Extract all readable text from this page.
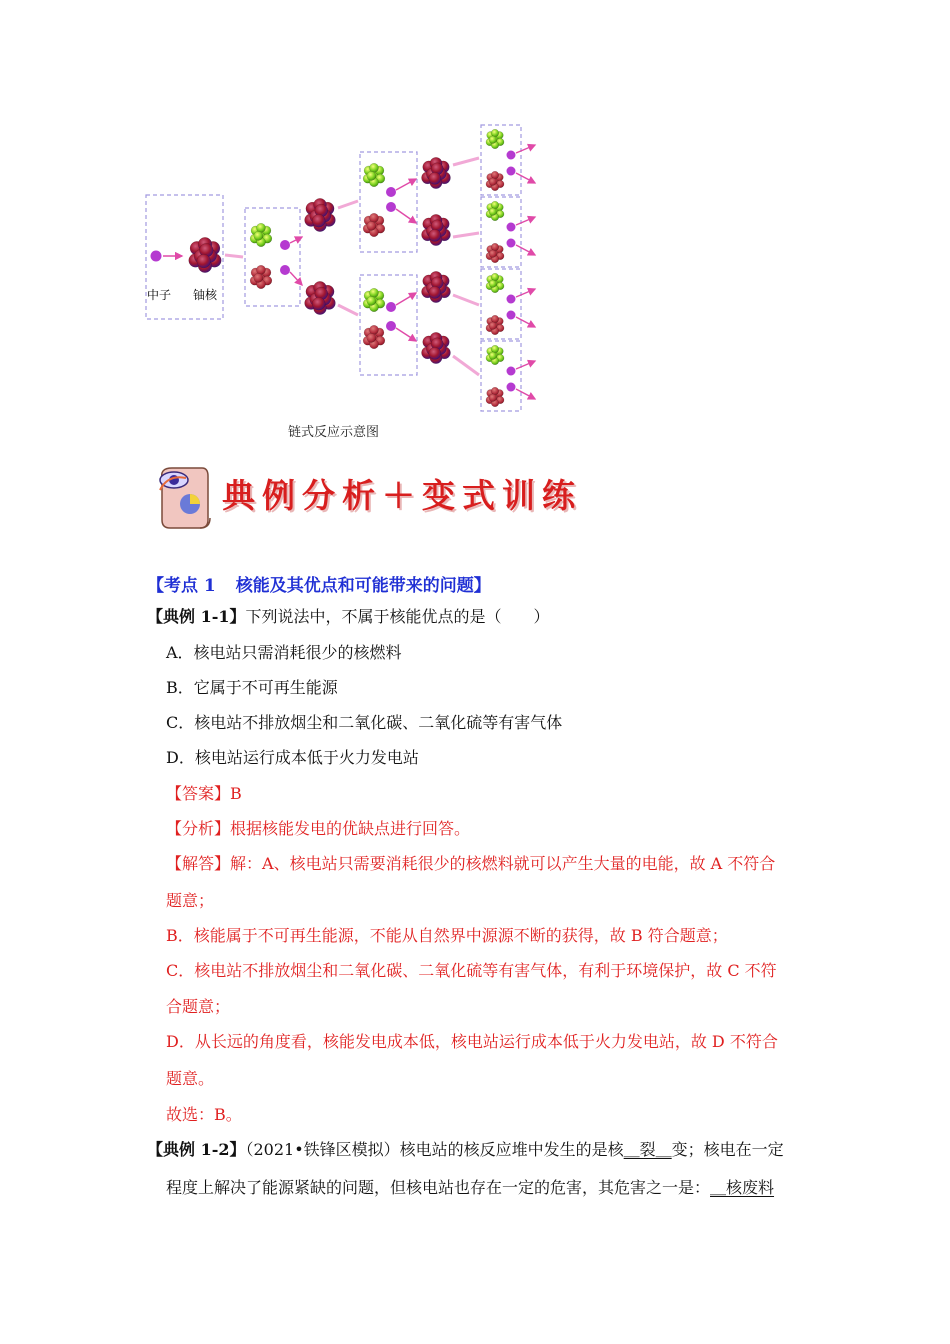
中子 铀核
链式反应示意图
典例分析＋变式训练
【考点 1 核能及其优点和可能带来的问题】
【典例 1-1】下列说法中，不属于核能优点的是（　　）
A．核电站只需消耗很少的核燃料
B．它属于不可再生能源
C．核电站不排放烟尘和二氧化碳、二氧化硫等有害气体
D．核电站运行成本低于火力发电站
【答案】B
【分析】根据核能发电的优缺点进行回答。
【解答】解：A、核电站只需要消耗很少的核燃料就可以产生大量的电能，故 A 不符合
题意；
B．核能属于不可再生能源，不能从自然界中源源不断的获得，故 B 符合题意；
C．核电站不排放烟尘和二氧化碳、二氧化硫等有害气体，有利于环境保护，故 C 不符
合题意；
D．从长远的角度看，核能发电成本低，核电站运行成本低于火力发电站，故 D 不符合
题意。
故选：B。
【典例 1-2】（2021•铁锋区模拟）核电站的核反应堆中发生的是核＿裂＿变；核电在一定
程度上解决了能源紧缺的问题，但核电站也存在一定的危害，其危害之一是：＿核废料
